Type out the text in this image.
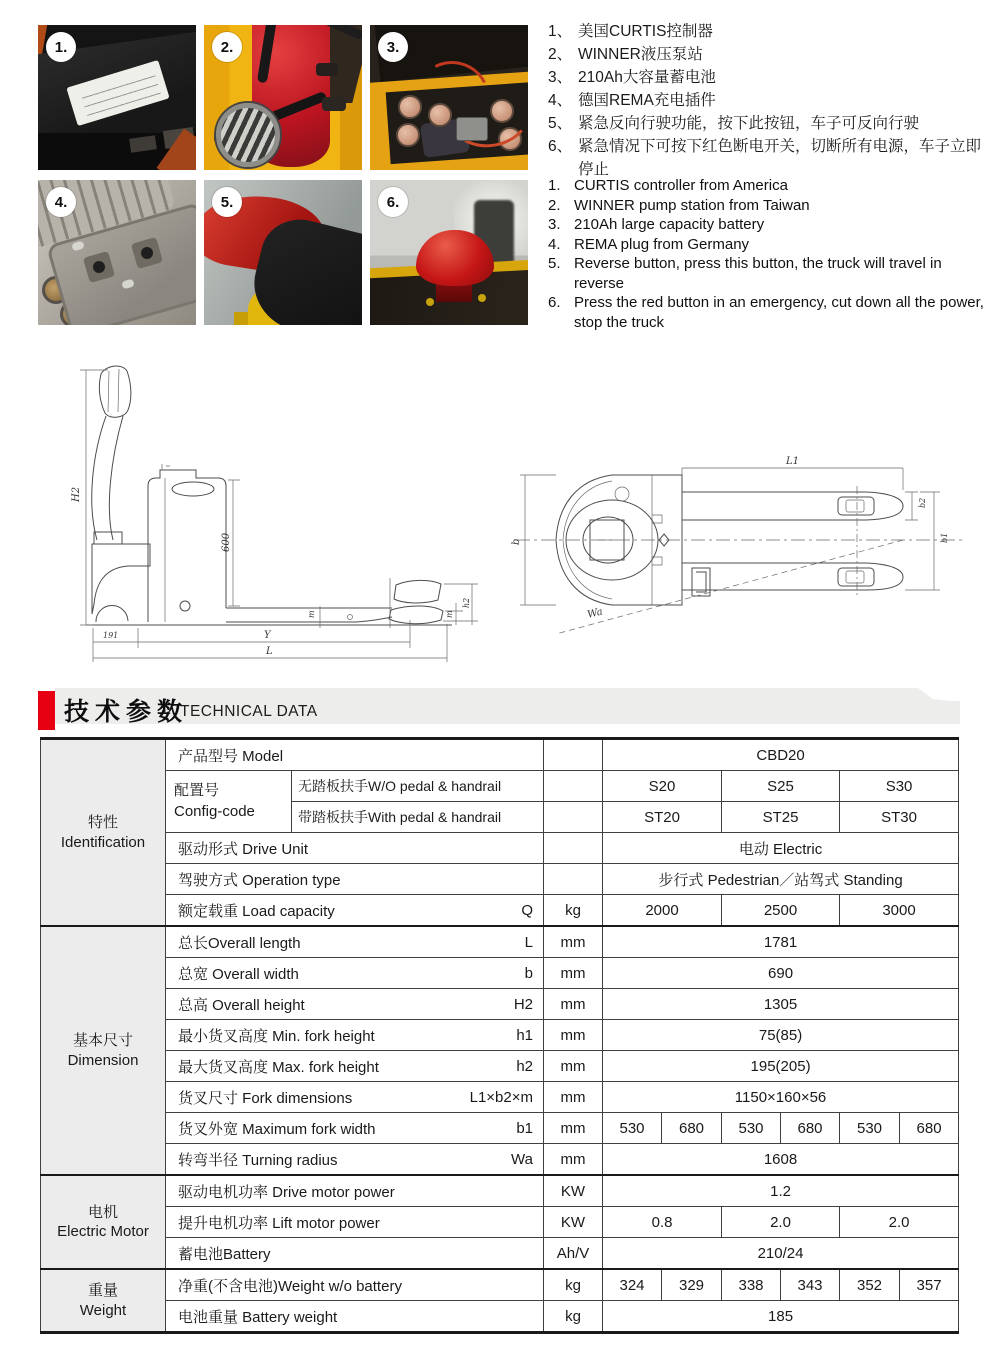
1.	2.	3.
4.	5.	6.
1、 美国CURTIS控制器
2、 WINNER液压泵站
3、 210Ah大容量蓄电池
4、 德国REMA充电插件
5、 紧急反向行驶功能，按下此按钮，车子可反向行驶
6、 紧急情况下可按下红色断电开关，切断所有电源，车子立即停止
1. CURTIS controller from America
2. WINNER pump station from Taiwan
3. 210Ah large capacity battery
4. REMA plug from Germany
5. Reverse button, press this button, the truck will travel in reverse
6. Press the red button in an emergency, cut down all the power, stop the truck
H2
600
m	m
h2
191	Y
L
Wa
b
L1
b2
b1
技术参数
TECHNICAL DATA
特性
Identification	产品型号 Model			CBD20					

	配置号
Config-code	无踏板扶手W/O pedal & handrail		S20		S25		S30	
		带踏板扶手With pedal & handrail		ST20		ST25		ST30	
	驱动形式 Drive Unit			电动 Electric					
	驾驶方式 Operation type			步行式 Pedestrian／站驾式 Standing					

	额定载重 Load capacity Q		kg	2000		2500		3000	

基本尺寸
Dimension

总长Overall length	L	mm	1781

	总宽 Overall width b		mm	690					

	总高 Overall height H2		mm	1305					

	最小货叉高度 Min. fork height h1		mm	75(85)					

	最大货叉高度 Max. fork height h2		mm	195(205)					

	货叉尺寸 Fork dimensions L1×b2×m		mm	1150×160×56					

	货叉外宽 Maximum fork width b1		mm	530	680	530	680	530	680

	转弯半径 Turning radius Wa		mm	1608					

电机
Electric Motor	驱动电机功率 Drive motor power		KW	1.2					
	提升电机功率 Lift motor power		KW	0.8		2.0		2.0	
	蓄电池Battery		Ah/V	210/24					

重量
Weight	净重(不含电池)Weight w/o battery		kg	324	329	338	343	352	357
	电池重量 Battery weight		kg	185					
